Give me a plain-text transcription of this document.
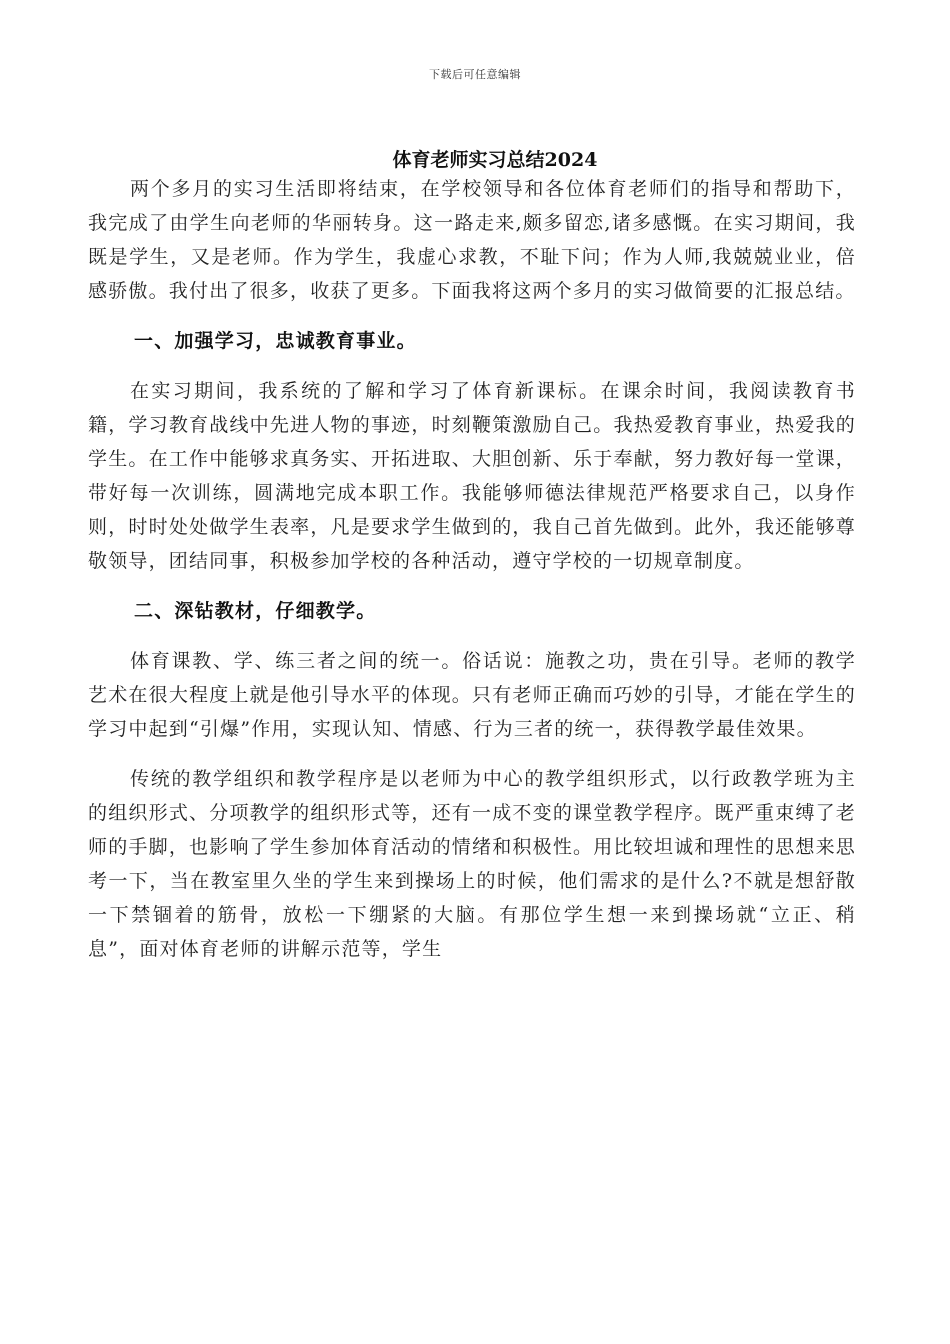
下载后可任意编辑
体育老师实习总结2024

两个多月的实习生活即将结束，在学校领导和各位体育老师们的指导和帮助下，我完成了由学生向老师的华丽转身。这一路走来,颇多留恋,诸多感慨。在实习期间，我既是学生，又是老师。作为学生，我虚心求教，不耻下问；作为人师,我兢兢业业，倍感骄傲。我付出了很多，收获了更多。下面我将这两个多月的实习做简要的汇报总结。

一、加强学习，忠诚教育事业。

在实习期间，我系统的了解和学习了体育新课标。在课余时间，我阅读教育书籍，学习教育战线中先进人物的事迹，时刻鞭策激励自己。我热爱教育事业，热爱我的学生。在工作中能够求真务实、开拓进取、大胆创新、乐于奉献，努力教好每一堂课，带好每一次训练，圆满地完成本职工作。我能够师德法律规范严格要求自己，以身作则，时时处处做学生表率，凡是要求学生做到的，我自己首先做到。此外，我还能够尊敬领导，团结同事，积极参加学校的各种活动，遵守学校的一切规章制度。

二、深钻教材，仔细教学。

体育课教、学、练三者之间的统一。俗话说：施教之功，贵在引导。老师的教学艺术在很大程度上就是他引导水平的体现。只有老师正确而巧妙的引导，才能在学生的学习中起到“引爆”作用，实现认知、情感、行为三者的统一，获得教学最佳效果。

传统的教学组织和教学程序是以老师为中心的教学组织形式，以行政教学班为主的组织形式、分项教学的组织形式等，还有一成不变的课堂教学程序。既严重束缚了老师的手脚，也影响了学生参加体育活动的情绪和积极性。用比较坦诚和理性的思想来思考一下，当在教室里久坐的学生来到操场上的时候，他们需求的是什么?不就是想舒散一下禁锢着的筋骨，放松一下绷紧的大脑。有那位学生想一来到操场就“立正、稍息”，面对体育老师的讲解示范等，学生
